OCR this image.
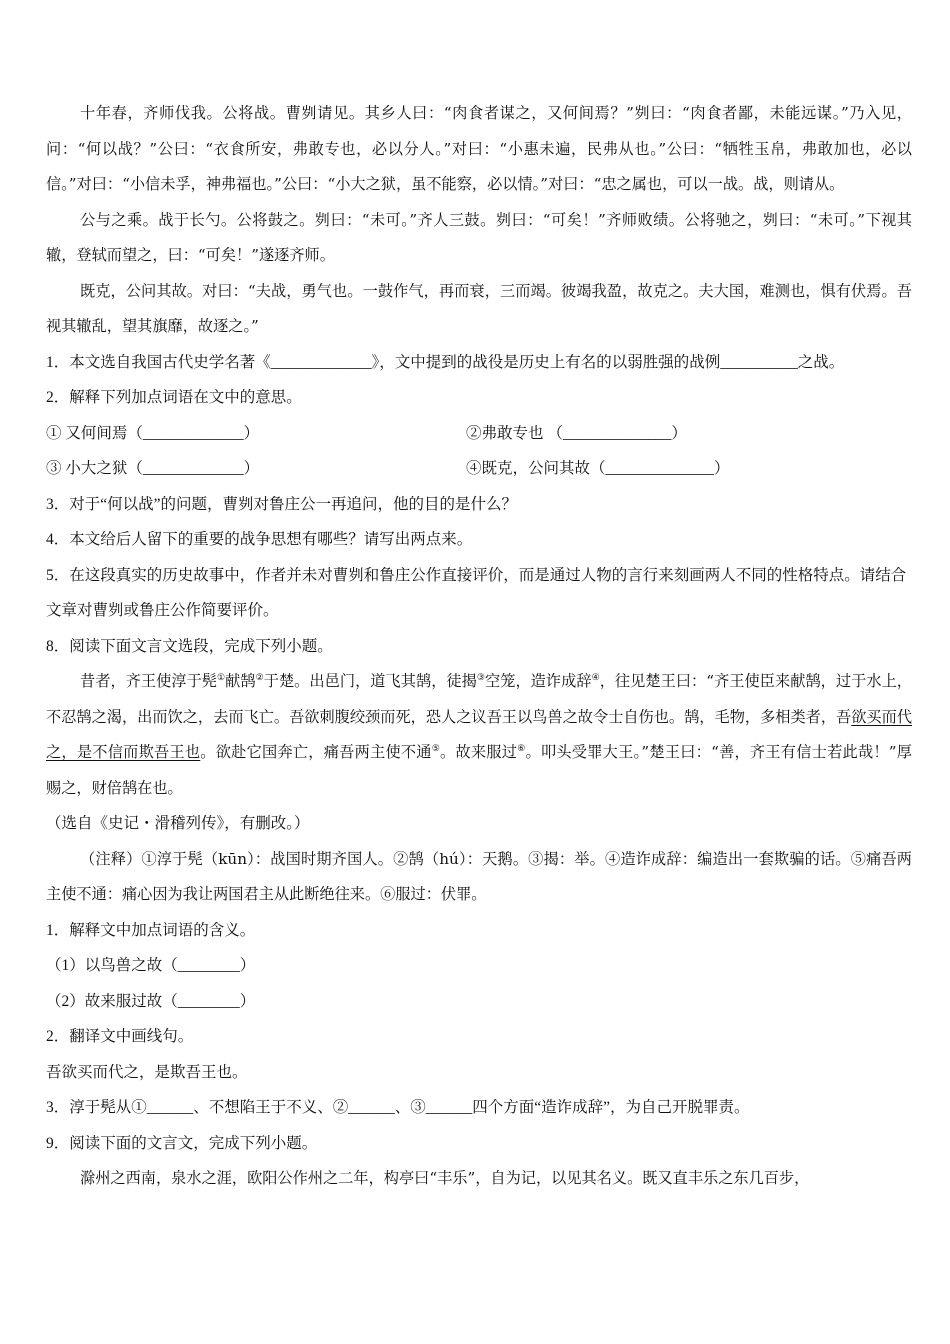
十年春，齐师伐我。公将战。曹刿请见。其乡人曰：“肉食者谋之，又何间焉？”刿曰：“肉食者鄙，未能远谋。”乃入见，问：“何以战？”公曰：“衣食所安，弗敢专也，必以分人。”对曰：“小惠未遍，民弗从也。”公曰：“牺牲玉帛，弗敢加也，必以信。”对曰：“小信未孚，神弗福也。”公曰：“小大之狱，虽不能察，必以情。”对曰：“忠之属也，可以一战。战，则请从。

公与之乘。战于长勺。公将鼓之。刿曰：“未可。”齐人三鼓。刿曰：“可矣！”齐师败绩。公将驰之，刿曰：“未可。”下视其辙，登轼而望之，曰：“可矣！”遂逐齐师。

既克，公问其故。对曰：“夫战，勇气也。一鼓作气，再而衰，三而竭。彼竭我盈，故克之。夫大国，难测也，惧有伏焉。吾视其辙乱，望其旗靡，故逐之。”

1．本文选自我国古代史学名著《_____________》，文中提到的战役是历史上有名的以弱胜强的战例__________之战。

2．解释下列加点词语在文中的意思。

① 又何间焉（_____________）	②弗敢专也 （______________）
③ 小大之狱（_____________）	④既克，公问其故（______________）

3．对于“何以战”的问题，曹刿对鲁庄公一再追问，他的目的是什么？

4．本文给后人留下的重要的战争思想有哪些？请写出两点来。

5．在这段真实的历史故事中，作者并未对曹刿和鲁庄公作直接评价，而是通过人物的言行来刻画两人不同的性格特点。请结合文章对曹刿或鲁庄公作简要评价。

8．阅读下面文言文选段，完成下列小题。

昔者，齐王使淳于髡①献鹄②于楚。出邑门，道飞其鹄，徒揭③空笼，造诈成辞④，往见楚王曰：“齐王使臣来献鹄，过于水上，不忍鹄之渴，出而饮之，去而飞亡。吾欲刺腹绞颈而死，恐人之议吾王以鸟兽之故令士自伤也。鹄，毛物，多相类者，吾欲买而代之，是不信而欺吾王也。欲赴它国奔亡，痛吾两主使不通⑤。故来服过⑥。叩头受罪大王。”楚王曰：“善，齐王有信士若此哉！”厚赐之，财倍鹄在也。

（选自《史记・滑稽列传》，有删改。）

（注释）①淳于髡（kūn）：战国时期齐国人。②鹄（hú）：天鹅。③揭：举。④造诈成辞：编造出一套欺骗的话。⑤痛吾两主使不通：痛心因为我让两国君主从此断绝往来。⑥服过：伏罪。

1．解释文中加点词语的含义。

（1）以鸟兽之故（________）

（2）故来服过故（________）

2．翻译文中画线句。

吾欲买而代之，是欺吾王也。

3．淳于髡从①______、不想陷王于不义、②______、③______四个方面“造诈成辞”，为自己开脱罪责。

9．阅读下面的文言文，完成下列小题。

滁州之西南，泉水之涯，欧阳公作州之二年，构亭曰“丰乐”，自为记，以见其名义。既又直丰乐之东几百步，
